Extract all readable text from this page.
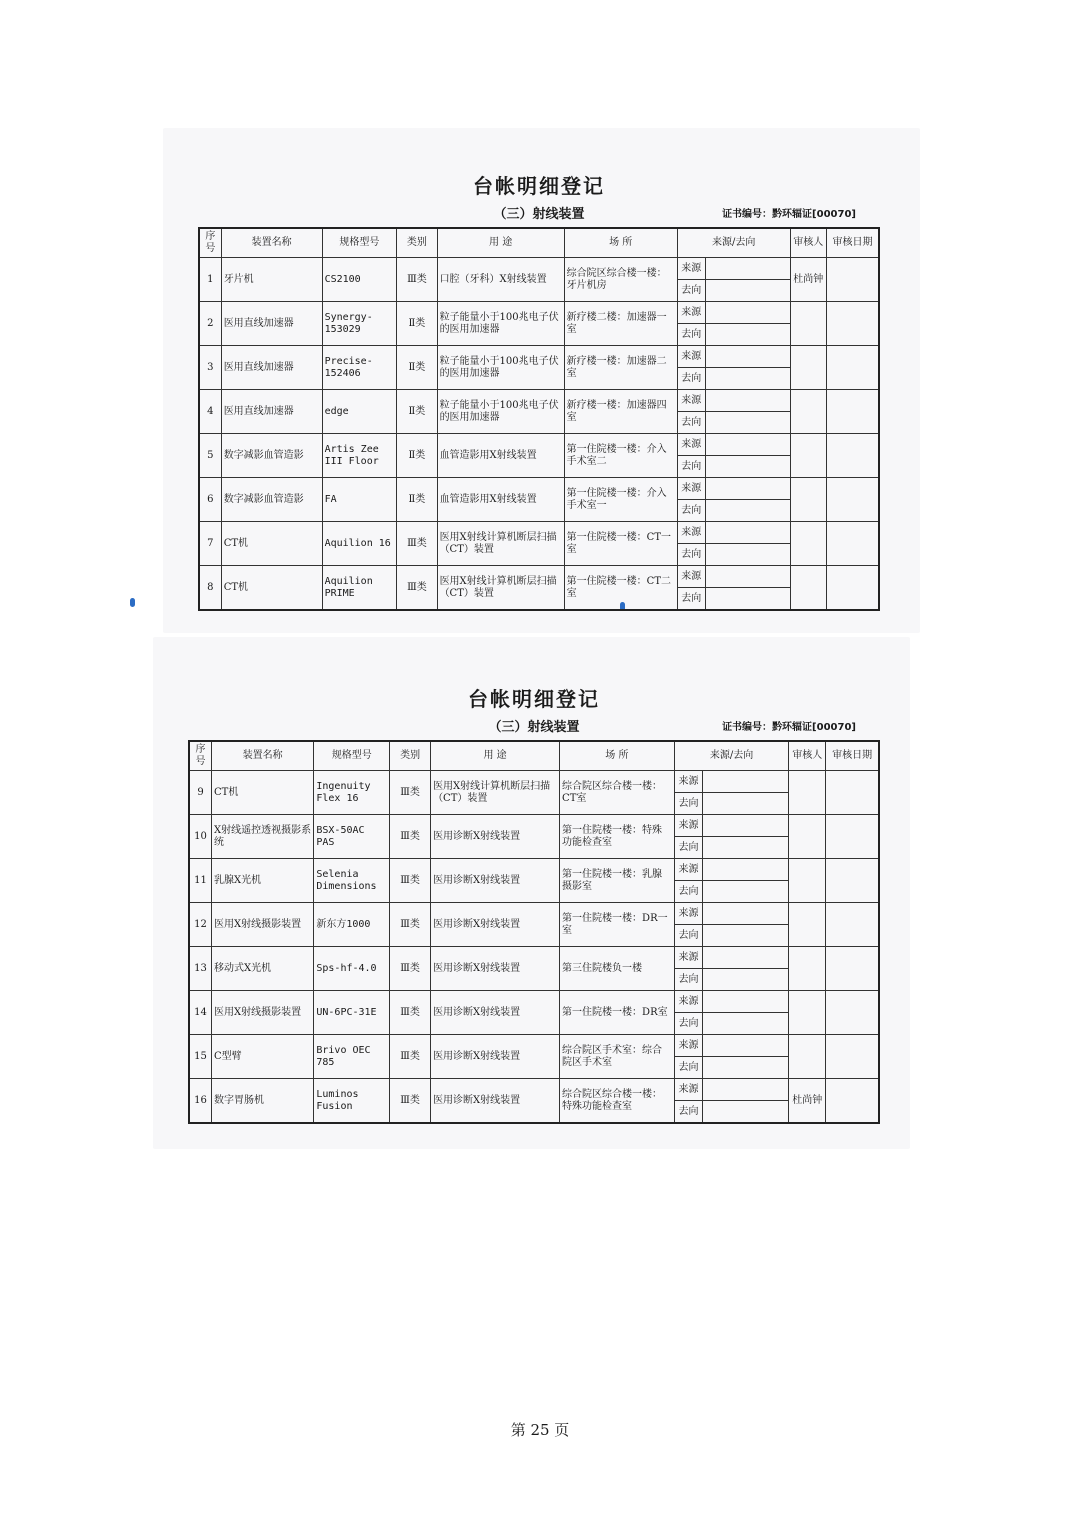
台帐明细登记
（三）射线装置	证书编号：黔环辐证[00070]
序号	装置名称	规格型号	类别	用 途	场 所	来源/去向		审核人	审核日期
1	牙片机	CS2100	Ⅲ类	口腔（牙科）X射线装置	综合院区综合楼一楼：牙片机房	来源		杜尚钟	
						去向			
2	医用直线加速器	Synergy-153029	Ⅱ类	粒子能量小于100兆电子伏的医用加速器	新疗楼二楼：加速器一室	来源			
						去向			
3	医用直线加速器	Precise-152406	Ⅱ类	粒子能量小于100兆电子伏的医用加速器	新疗楼一楼：加速器二室	来源			
						去向			
4	医用直线加速器	edge	Ⅱ类	粒子能量小于100兆电子伏的医用加速器	新疗楼一楼：加速器四室	来源			
						去向			
5	数字减影血管造影	Artis Zee III Floor	Ⅱ类	血管造影用X射线装置	第一住院楼一楼：介入手术室二	来源			
						去向			
6	数字减影血管造影	FA	Ⅱ类	血管造影用X射线装置	第一住院楼一楼：介入手术室一	来源			
						去向			
7	CT机	Aquilion 16	Ⅲ类	医用X射线计算机断层扫描（CT）装置	第一住院楼一楼：CT一室	来源			
						去向			
8	CT机	Aquilion PRIME	Ⅲ类	医用X射线计算机断层扫描（CT）装置	第一住院楼一楼：CT二室	来源			
						去向			
台帐明细登记
（三）射线装置	证书编号：黔环辐证[00070]
序号	装置名称	规格型号	类别	用 途	场 所	来源/去向		审核人	审核日期
9	CT机	Ingenuity Flex 16	Ⅲ类	医用X射线计算机断层扫描（CT）装置	综合院区综合楼一楼：CT室	来源			
						去向			
10	X射线遥控透视摄影系统	BSX-50AC PAS	Ⅲ类	医用诊断X射线装置	第一住院楼一楼：特殊功能检查室	来源			
						去向			
11	乳腺X光机	Selenia Dimensions	Ⅲ类	医用诊断X射线装置	第一住院楼一楼：乳腺摄影室	来源			
						去向			
12	医用X射线摄影装置	新东方1000	Ⅲ类	医用诊断X射线装置	第一住院楼一楼：DR一室	来源			
						去向			
13	移动式X光机	Sps-hf-4.0	Ⅲ类	医用诊断X射线装置	第三住院楼负一楼	来源			
						去向			
14	医用X射线摄影装置	UN-6PC-31E	Ⅲ类	医用诊断X射线装置	第一住院楼一楼：DR室	来源			
						去向			
15	C型臂	Brivo OEC 785	Ⅲ类	医用诊断X射线装置	综合院区手术室：综合院区手术室	来源			
						去向			
16	数字胃肠机	Luminos Fusion	Ⅲ类	医用诊断X射线装置	综合院区综合楼一楼：特殊功能检查室	来源		杜尚钟	
						去向			
第 25 页
